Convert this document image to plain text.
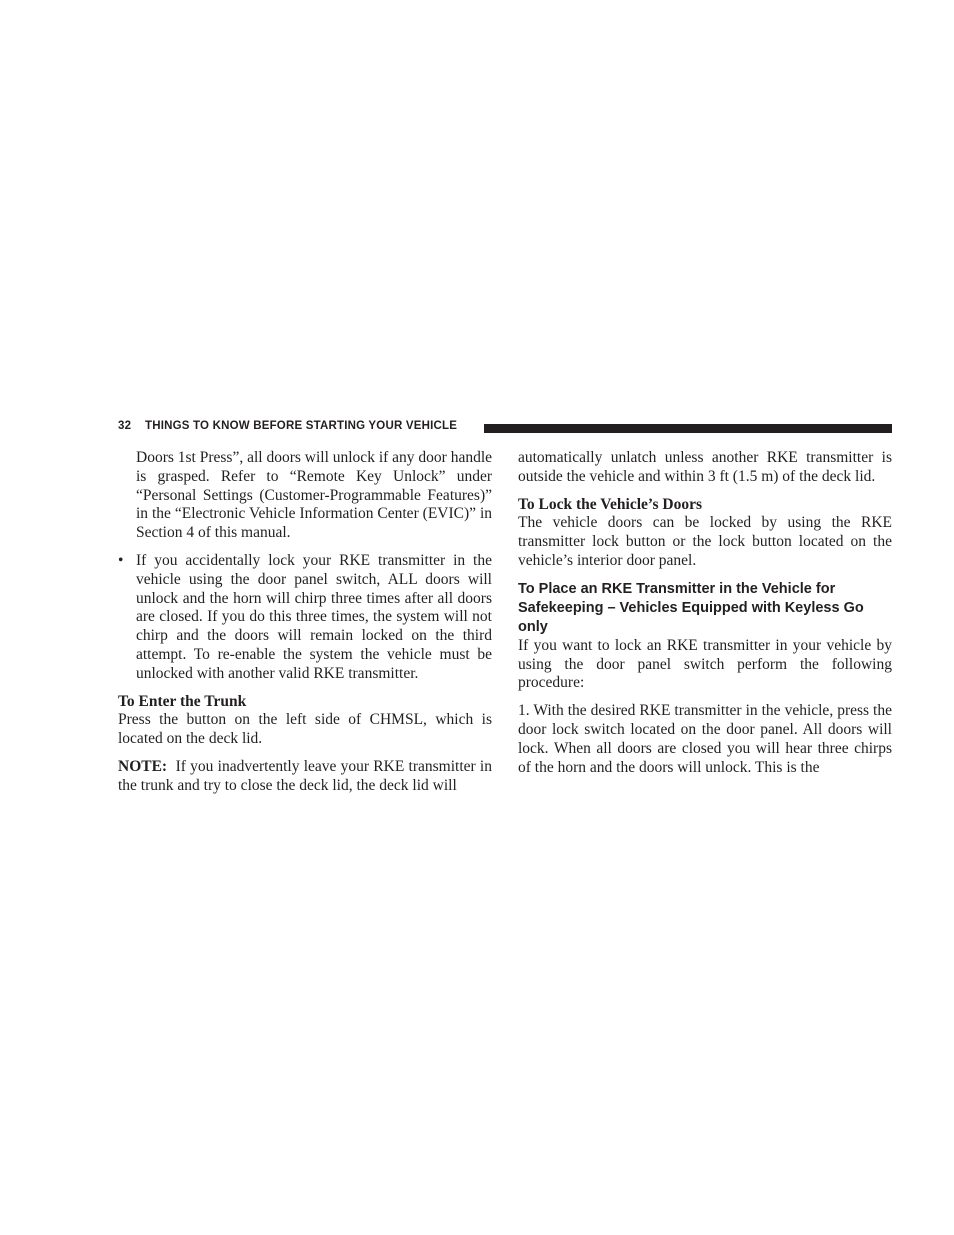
32 THINGS TO KNOW BEFORE STARTING YOUR VEHICLE

Doors 1st Press”, all doors will unlock if any door handle is grasped. Refer to “Remote Key Unlock” under “Personal Settings (Customer-Programmable Features)” in the “Electronic Vehicle Information Center (EVIC)” in Section 4 of this manual.

• If you accidentally lock your RKE transmitter in the vehicle using the door panel switch, ALL doors will unlock and the horn will chirp three times after all doors are closed. If you do this three times, the system will not chirp and the doors will remain locked on the third attempt. To re-enable the system the vehicle must be unlocked with another valid RKE transmitter.

To Enter the Trunk

Press the button on the left side of CHMSL, which is located on the deck lid.

NOTE: If you inadvertently leave your RKE transmitter in the trunk and try to close the deck lid, the deck lid will

automatically unlatch unless another RKE transmitter is outside the vehicle and within 3 ft (1.5 m) of the deck lid.

To Lock the Vehicle’s Doors

The vehicle doors can be locked by using the RKE transmitter lock button or the lock button located on the vehicle’s interior door panel.

To Place an RKE Transmitter in the Vehicle for Safekeeping – Vehicles Equipped with Keyless Go only

If you want to lock an RKE transmitter in your vehicle by using the door panel switch perform the following procedure:

1. With the desired RKE transmitter in the vehicle, press the door lock switch located on the door panel. All doors will lock. When all doors are closed you will hear three chirps of the horn and the doors will unlock. This is the
